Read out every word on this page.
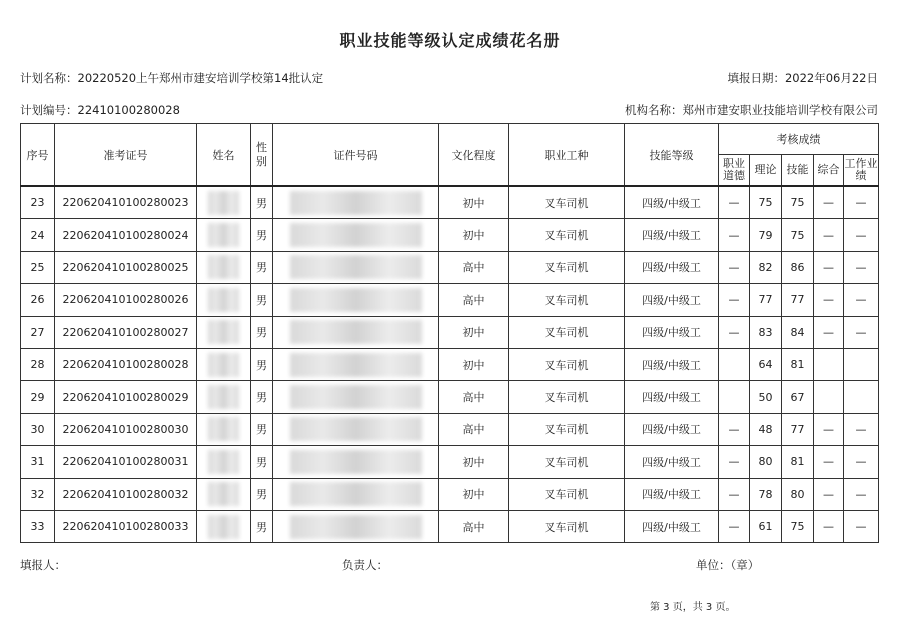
职业技能等级认定成绩花名册
计划名称：20220520上午郑州市建安培训学校第14批认定	填报日期：2022年06月22日
计划编号：22410100280028	机构名称：郑州市建安职业技能培训学校有限公司
序号	准考证号	姓名	性别	证件号码	文化程度	职业工种	技能等级	考核成绩				
								职业道德	理论	技能	综合	工作业绩
23	220620410100280023		男		初中	叉车司机	四级/中级工	—	75	75	—	—
24	220620410100280024		男		初中	叉车司机	四级/中级工	—	79	75	—	—
25	220620410100280025		男		高中	叉车司机	四级/中级工	—	82	86	—	—
26	220620410100280026		男		高中	叉车司机	四级/中级工	—	77	77	—	—
27	220620410100280027		男		初中	叉车司机	四级/中级工	—	83	84	—	—
28	220620410100280028		男		初中	叉车司机	四级/中级工		64	81		
29	220620410100280029		男		高中	叉车司机	四级/中级工		50	67		
30	220620410100280030		男		高中	叉车司机	四级/中级工	—	48	77	—	—
31	220620410100280031		男		初中	叉车司机	四级/中级工	—	80	81	—	—
32	220620410100280032		男		初中	叉车司机	四级/中级工	—	78	80	—	—
33	220620410100280033		男		高中	叉车司机	四级/中级工	—	61	75	—	—
填报人：	负责人：	单位：（章）
第 3 页，共 3 页。
